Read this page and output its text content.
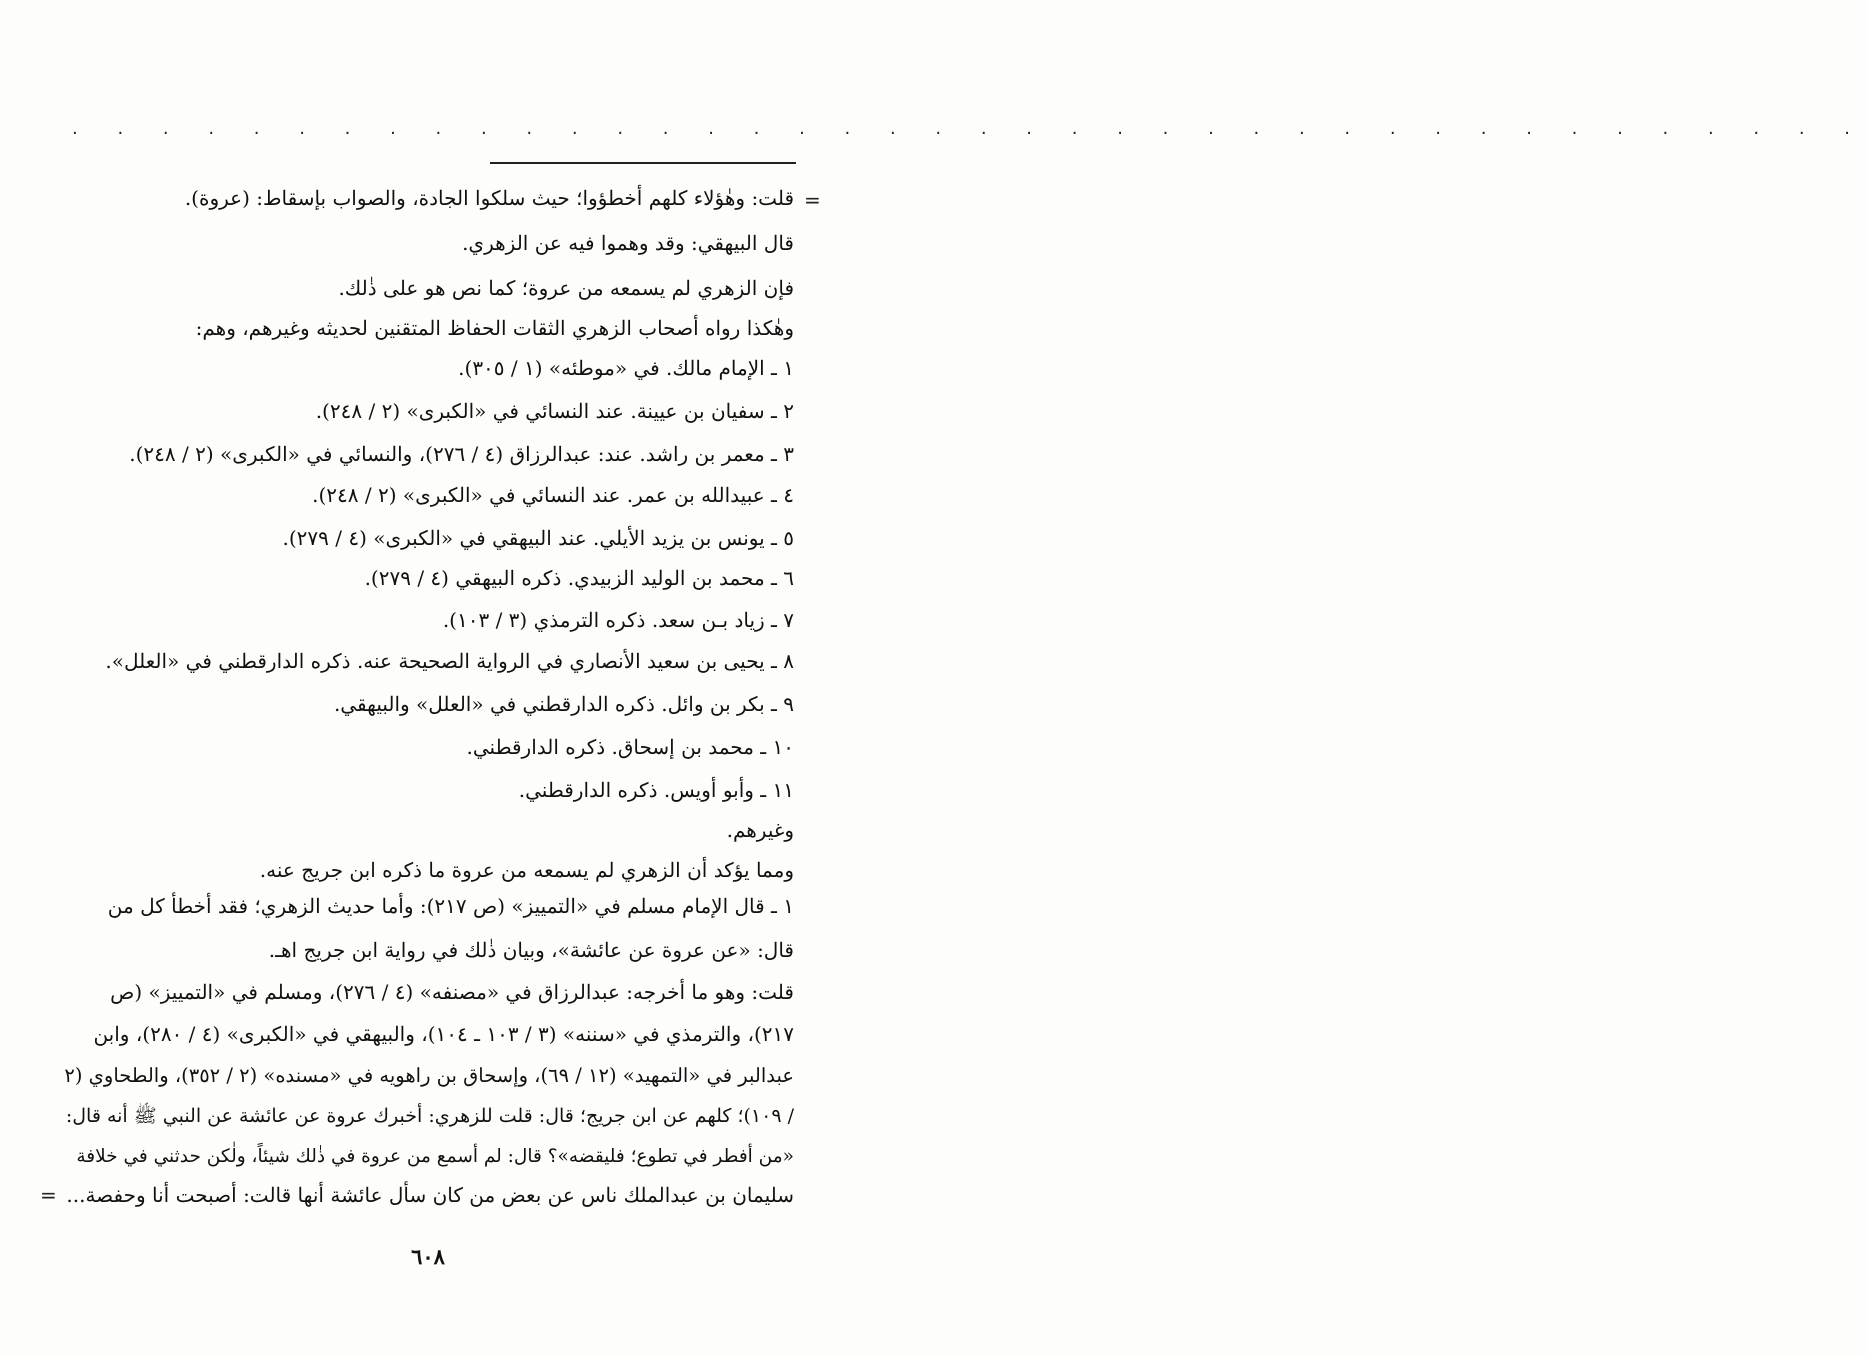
. . . . . . . . . . . . . . . . . . . . . . . . . . . . . . . . . . . . . . . .
=
قلت: وهٰؤلاء كلهم أخطؤوا؛ حيث سلكوا الجادة، والصواب بإسقاط: (عروة).
قال البيهقي: وقد وهموا فيه عن الزهري.
فإن الزهري لم يسمعه من عروة؛ كما نص هو على ذٰلك.
وهٰكذا رواه أصحاب الزهري الثقات الحفاظ المتقنين لحديثه وغيرهم، وهم:
١ ـ الإمام مالك. في «موطئه» (١ / ٣٠٥).
٢ ـ سفيان بن عيينة. عند النسائي في «الكبرى» (٢ / ٢٤٨).
٣ ـ معمر بن راشد. عند: عبدالرزاق (٤ / ٢٧٦)، والنسائي في «الكبرى» (٢ / ٢٤٨).
٤ ـ عبيدالله بن عمر. عند النسائي في «الكبرى» (٢ / ٢٤٨).
٥ ـ يونس بن يزيد الأيلي. عند البيهقي في «الكبرى» (٤ / ٢٧٩).
٦ ـ محمد بن الوليد الزبيدي. ذكره البيهقي (٤ / ٢٧٩).
٧ ـ زياد بـن سعد. ذكره الترمذي (٣ / ١٠٣).
٨ ـ يحيى بن سعيد الأنصاري في الرواية الصحيحة عنه. ذكره الدارقطني في «العلل».
٩ ـ بكر بن وائل. ذكره الدارقطني في «العلل» والبيهقي.
١٠ ـ محمد بن إسحاق. ذكره الدارقطني.
١١ ـ وأبو أويس. ذكره الدارقطني.
وغيرهم.
ومما يؤكد أن الزهري لم يسمعه من عروة ما ذكره ابن جريج عنه.
١ ـ قال الإمام مسلم في «التمييز» (ص ٢١٧): وأما حديث الزهري؛ فقد أخطأ كل من
قال: «عن عروة عن عائشة»، وبيان ذٰلك في رواية ابن جريج اهـ.
قلت: وهو ما أخرجه: عبدالرزاق في «مصنفه» (٤ / ٢٧٦)، ومسلم في «التمييز» (ص
٢١٧)، والترمذي في «سننه» (٣ / ١٠٣ ـ ١٠٤)، والبيهقي في «الكبرى» (٤ / ٢٨٠)، وابن
عبدالبر في «التمهيد» (١٢ / ٦٩)، وإسحاق بن راهويه في «مسنده» (٢ / ٣٥٢)، والطحاوي (٢
/ ١٠٩)؛ كلهم عن ابن جريج؛ قال: قلت للزهري: أخبرك عروة عن عائشة عن النبي ﷺ أنه قال:
«من أفطر في تطوع؛ فليقضه»؟ قال: لم أسمع من عروة في ذٰلك شيئاً، ولٰكن حدثني في خلافة
سليمان بن عبدالملك ناس عن بعض من كان سأل عائشة أنها قالت: أصبحت أنا وحفصة...
=
٦٠٨
